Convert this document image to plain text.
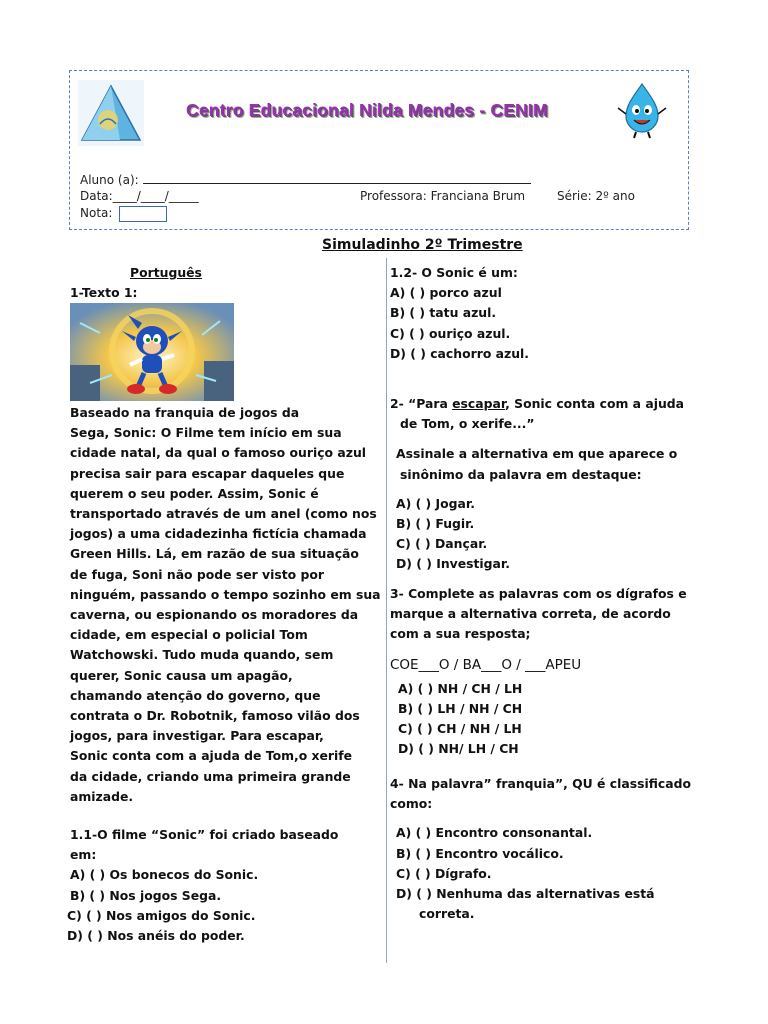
Centro Educacional Nilda Mendes - CENIM
Aluno (a):
Data:____/____/_____	Professora: Franciana Brum	Série: 2º ano
Nota:
Simuladinho 2º Trimestre
Português
1-Texto 1:
Baseado na franquia de jogos da
Sega, Sonic: O Filme tem início em sua
cidade natal, da qual o famoso ouriço azul
precisa sair para escapar daqueles que
querem o seu poder. Assim, Sonic é
transportado através de um anel (como nos
jogos) a uma cidadezinha fictícia chamada
Green Hills. Lá, em razão de sua situação
de fuga, Soni não pode ser visto por
ninguém, passando o tempo sozinho em sua
caverna, ou espionando os moradores da
cidade, em especial o policial Tom
Watchowski. Tudo muda quando, sem
querer, Sonic causa um apagão,
chamando atenção do governo, que
contrata o Dr. Robotnik, famoso vilão dos
jogos, para investigar. Para escapar,
Sonic conta com a ajuda de Tom,o xerife
da cidade, criando uma primeira grande
amizade.
1.1-O filme “Sonic” foi criado baseado
em:
A) ( ) Os bonecos do Sonic.
B) ( ) Nos jogos Sega.
C) ( ) Nos amigos do Sonic.
D) ( ) Nos anéis do poder.
1.2- O Sonic é um:
A) ( ) porco azul
B) ( ) tatu azul.
C) ( ) ouriço azul.
D) ( ) cachorro azul.
2- “Para escapar, Sonic conta com a ajuda
de Tom, o xerife...”
Assinale a alternativa em que aparece o
sinônimo da palavra em destaque:
A) ( ) Jogar.
B) ( ) Fugir.
C) ( ) Dançar.
D) ( ) Investigar.
3- Complete as palavras com os dígrafos e
marque a alternativa correta, de acordo
com a sua resposta;
COE___O / BA___O / ___APEU
A) ( ) NH / CH / LH
B) ( ) LH / NH / CH
C) ( ) CH / NH / LH
D) ( ) NH/ LH / CH
4- Na palavra” franquia”, QU é classificado
como:
A) ( ) Encontro consonantal.
B) ( ) Encontro vocálico.
C) ( ) Dígrafo.
D) ( ) Nenhuma das alternativas está
correta.
